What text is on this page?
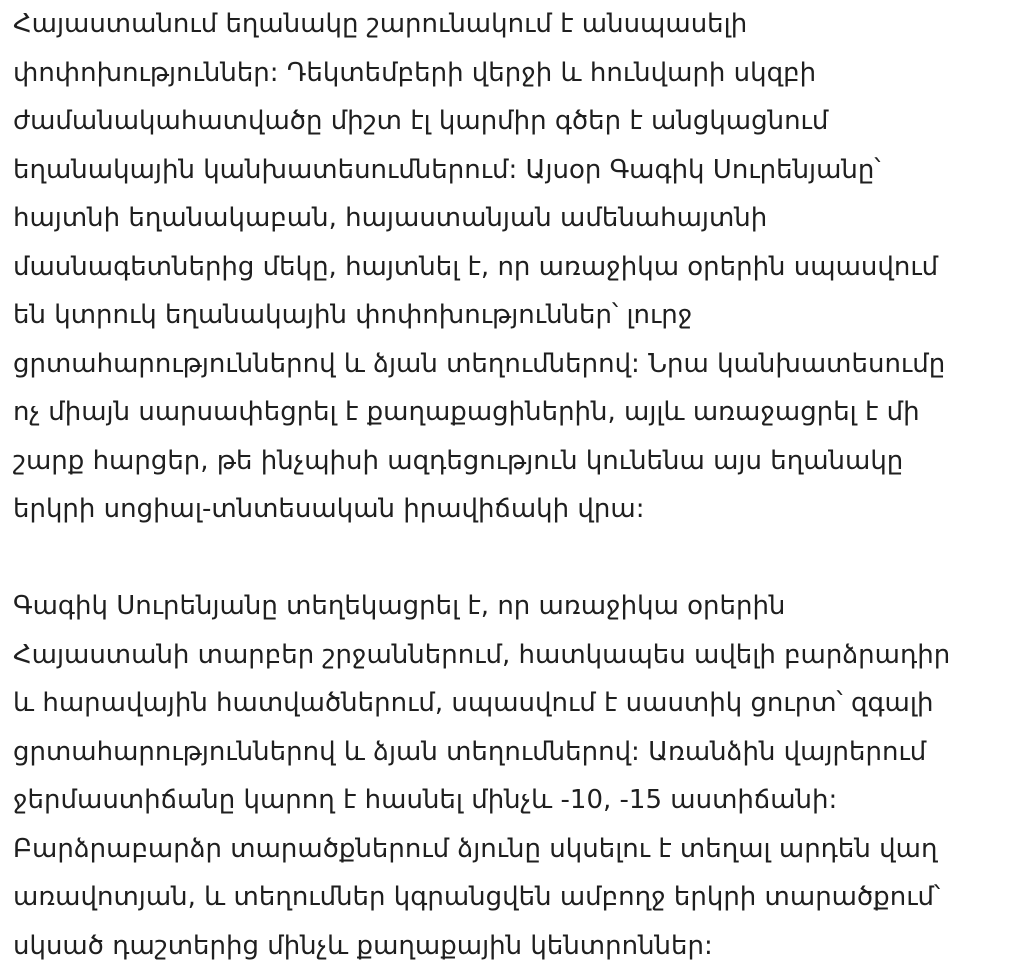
Հայաստանում եղանակը շարունակում է անսպասելի
փոփոխություններ: Դեկտեմբերի վերջի և հունվարի սկզբի
ժամանակահատվածը միշտ էլ կարմիր գծեր է անցկացնում
եղանակային կանխատեսումներում: Այսօր Գագիկ Սուրենյանը՝
հայտնի եղանակաբան, հայաստանյան ամենահայտնի
մասնագետներից մեկը, հայտնել է, որ առաջիկա օրերին սպասվում
են կտրուկ եղանակային փոփոխություններ՝ լուրջ
ցրտահարություններով և ձյան տեղումներով: Նրա կանխատեսումը
ոչ միայն սարսափեցրել է քաղաքացիներին, այլև առաջացրել է մի
շարք հարցեր, թե ինչպիսի ազդեցություն կունենա այս եղանակը
երկրի սոցիալ-տնտեսական իրավիճակի վրա:
Գագիկ Սուրենյանը տեղեկացրել է, որ առաջիկա օրերին
Հայաստանի տարբեր շրջաններում, հատկապես ավելի բարձրադիր
և հարավային հատվածներում, սպասվում է սաստիկ ցուրտ՝ զգալի
ցրտահարություններով և ձյան տեղումներով: Առանձին վայրերում
ջերմաստիճանը կարող է հասնել մինչև -10, -15 աստիճանի:
Բարձրաբարձր տարածքներում ձյունը սկսելու է տեղալ արդեն վաղ
առավոտյան, և տեղումներ կգրանցվեն ամբողջ երկրի տարածքում՝
սկսած դաշտերից մինչև քաղաքային կենտրոններ:
